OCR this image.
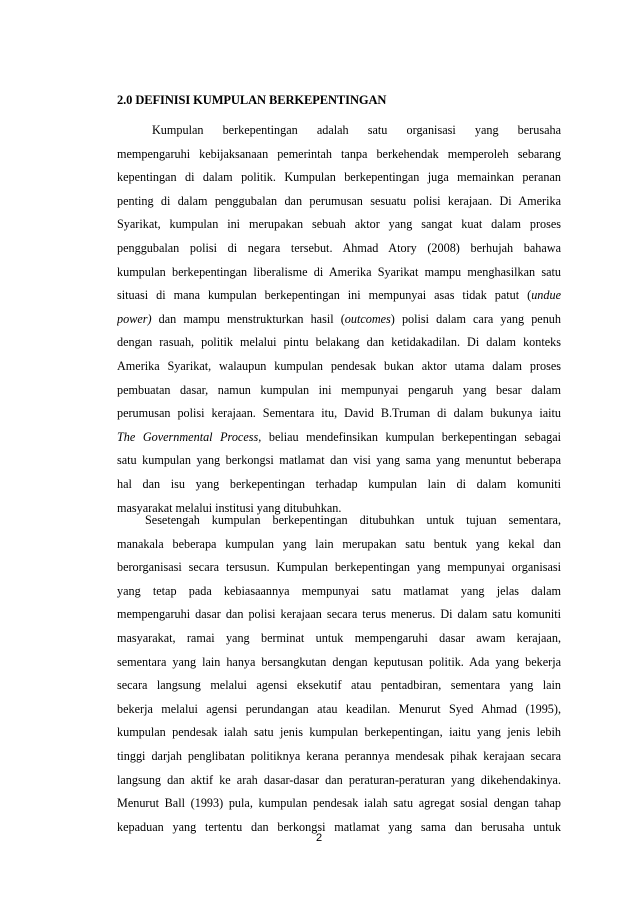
2.0 DEFINISI KUMPULAN BERKEPENTINGAN
Kumpulan berkepentingan adalah satu organisasi yang berusaha
mempengaruhi kebijaksanaan pemerintah tanpa berkehendak memperoleh sebarang
kepentingan di dalam politik. Kumpulan berkepentingan juga memainkan peranan
penting di dalam penggubalan dan perumusan sesuatu polisi kerajaan. Di Amerika
Syarikat, kumpulan ini merupakan sebuah aktor yang sangat kuat dalam proses
penggubalan polisi di negara tersebut. Ahmad Atory (2008) berhujah bahawa
kumpulan berkepentingan liberalisme di Amerika Syarikat mampu menghasilkan satu
situasi di mana kumpulan berkepentingan ini mempunyai asas tidak patut (undue
power) dan mampu menstrukturkan hasil (outcomes) polisi dalam cara yang penuh
dengan rasuah, politik melalui pintu belakang dan ketidakadilan. Di dalam konteks
Amerika Syarikat, walaupun kumpulan pendesak bukan aktor utama dalam proses
pembuatan dasar, namun kumpulan ini mempunyai pengaruh yang besar dalam
perumusan polisi kerajaan. Sementara itu, David B.Truman di dalam bukunya iaitu
The Governmental Process, beliau mendefinsikan kumpulan berkepentingan sebagai
satu kumpulan yang berkongsi matlamat dan visi yang sama yang menuntut beberapa
hal dan isu yang berkepentingan terhadap kumpulan lain di dalam komuniti
masyarakat melalui institusi yang ditubuhkan.
Sesetengah kumpulan berkepentingan ditubuhkan untuk tujuan sementara,
manakala beberapa kumpulan yang lain merupakan satu bentuk yang kekal dan
berorganisasi secara tersusun. Kumpulan berkepentingan yang mempunyai organisasi
yang tetap pada kebiasaannya mempunyai satu matlamat yang jelas dalam
mempengaruhi dasar dan polisi kerajaan secara terus menerus. Di dalam satu komuniti
masyarakat, ramai yang berminat untuk mempengaruhi dasar awam kerajaan,
sementara yang lain hanya bersangkutan dengan keputusan politik. Ada yang bekerja
secara langsung melalui agensi eksekutif atau pentadbiran, sementara yang lain
bekerja melalui agensi perundangan atau keadilan. Menurut Syed Ahmad (1995),
kumpulan pendesak ialah satu jenis kumpulan berkepentingan, iaitu yang jenis lebih
tinggi darjah penglibatan politiknya kerana perannya mendesak pihak kerajaan secara
langsung dan aktif ke arah dasar-dasar dan peraturan-peraturan yang dikehendakinya.
Menurut Ball (1993) pula, kumpulan pendesak ialah satu agregat sosial dengan tahap
kepaduan yang tertentu dan berkongsi matlamat yang sama dan berusaha untuk
2
